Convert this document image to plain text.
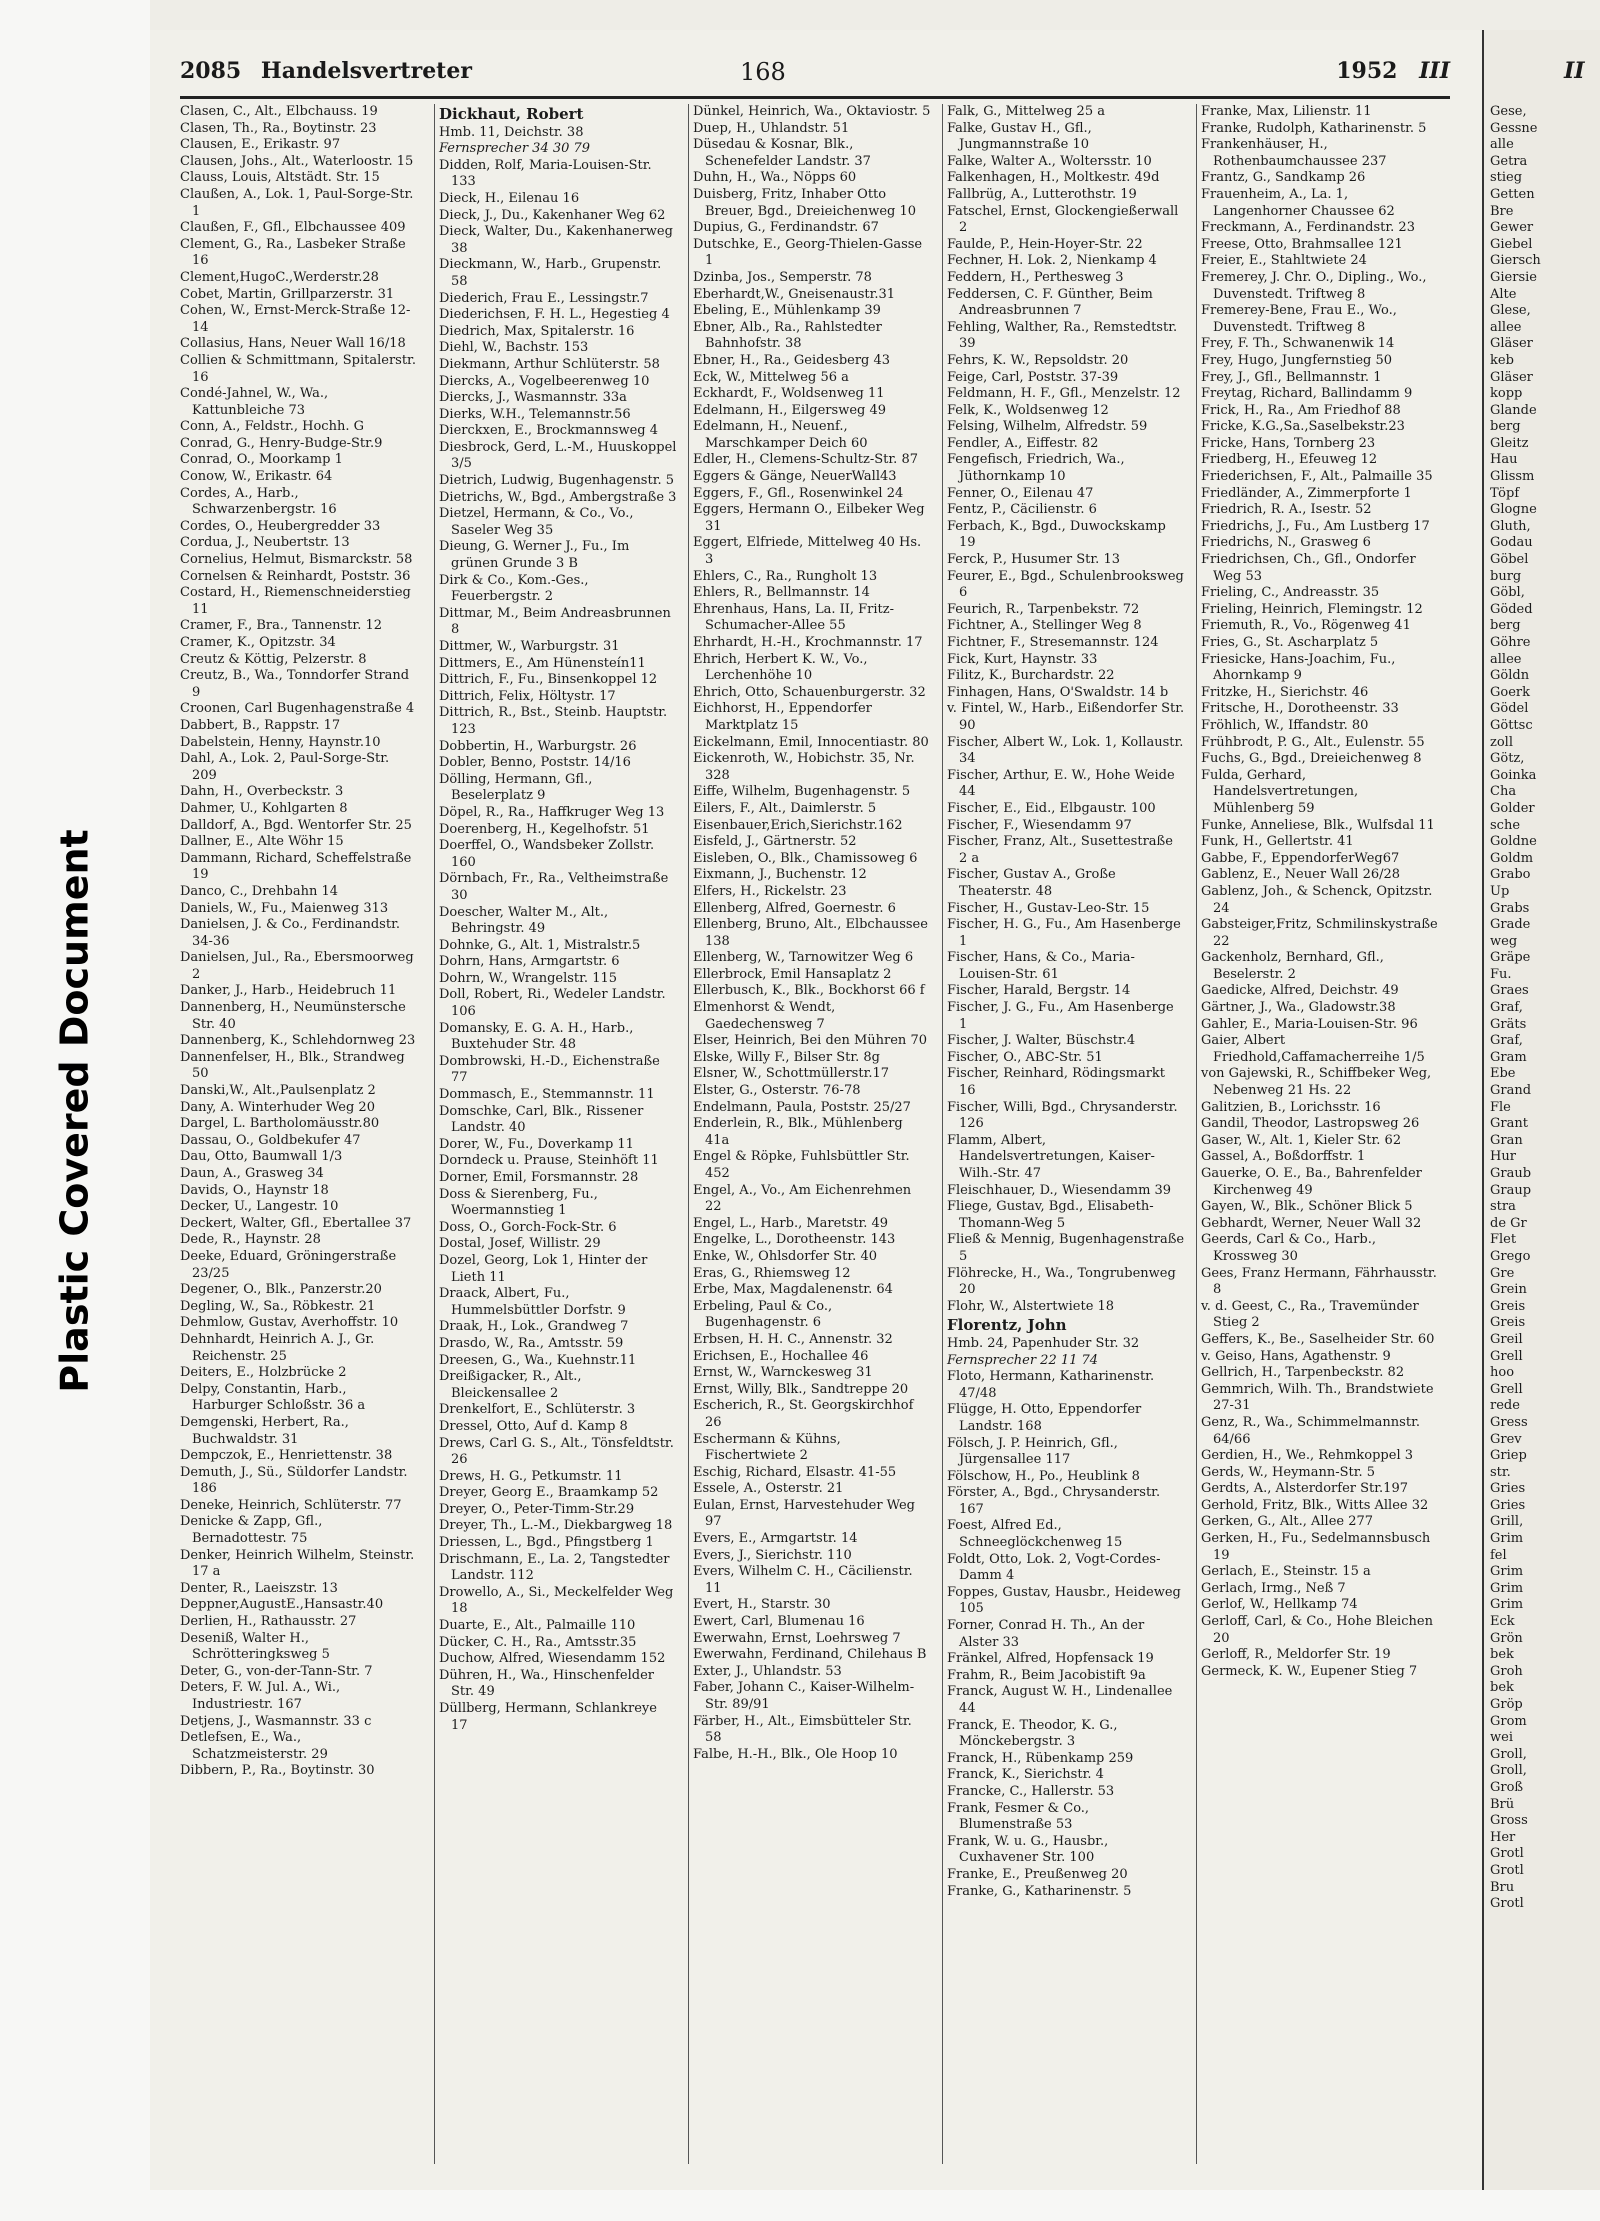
Plastic Covered Document
2085 Handelsvertreter	168	1952 III
Clasen, C., Alt., Elbchauss. 19
Clasen, Th., Ra., Boytinstr. 23
Clausen, E., Erikastr. 97
Clausen, Johs., Alt., Waterloostr. 15
Clauss, Louis, Altstädt. Str. 15
Claußen, A., Lok. 1, Paul-Sorge-Str. 1
Claußen, F., Gfl., Elbchaussee 409
Clement, G., Ra., Lasbeker Straße 16
Clement,HugoC.,Werderstr.28
Cobet, Martin, Grillparzerstr. 31
Cohen, W., Ernst-Merck-Straße 12-14
Collasius, Hans, Neuer Wall 16/18
Collien & Schmittmann, Spitalerstr. 16
Condé-Jahnel, W., Wa., Kattunbleiche 73
Conn, A., Feldstr., Hochh. G
Conrad, G., Henry-Budge-Str.9
Conrad, O., Moorkamp 1
Conow, W., Erikastr. 64
Cordes, A., Harb., Schwarzenbergstr. 16
Cordes, O., Heubergredder 33
Cordua, J., Neubertstr. 13
Cornelius, Helmut, Bismarckstr. 58
Cornelsen & Reinhardt, Poststr. 36
Costard, H., Riemenschneiderstieg 11
Cramer, F., Bra., Tannenstr. 12
Cramer, K., Opitzstr. 34
Creutz & Köttig, Pelzerstr. 8
Creutz, B., Wa., Tonndorfer Strand 9
Croonen, Carl Bugenhagenstraße 4
Dabbert, B., Rappstr. 17
Dabelstein, Henny, Haynstr.10
Dahl, A., Lok. 2, Paul-Sorge-Str. 209
Dahn, H., Overbeckstr. 3
Dahmer, U., Kohlgarten 8
Dalldorf, A., Bgd. Wentorfer Str. 25
Dallner, E., Alte Wöhr 15
Dammann, Richard, Scheffelstraße 19
Danco, C., Drehbahn 14
Daniels, W., Fu., Maienweg 313
Danielsen, J. & Co., Ferdinandstr. 34-36
Danielsen, Jul., Ra., Ebersmoorweg 2
Danker, J., Harb., Heidebruch 11
Dannenberg, H., Neumünstersche Str. 40
Dannenberg, K., Schlehdornweg 23
Dannenfelser, H., Blk., Strandweg 50
Danski,W., Alt.,Paulsenplatz 2
Dany, A. Winterhuder Weg 20
Dargel, L. Bartholomäusstr.80
Dassau, O., Goldbekufer 47
Dau, Otto, Baumwall 1/3
Daun, A., Grasweg 34
Davids, O., Haynstr 18
Decker, U., Langestr. 10
Deckert, Walter, Gfl., Ebertallee 37
Dede, R., Haynstr. 28
Deeke, Eduard, Gröningerstraße 23/25
Degener, O., Blk., Panzerstr.20
Degling, W., Sa., Röbkestr. 21
Dehmlow, Gustav, Averhoffstr. 10
Dehnhardt, Heinrich A. J., Gr. Reichenstr. 25
Deiters, E., Holzbrücke 2
Delpy, Constantin, Harb., Harburger Schloßstr. 36 a
Demgenski, Herbert, Ra., Buchwaldstr. 31
Dempczok, E., Henriettenstr. 38
Demuth, J., Sü., Süldorfer Landstr. 186
Deneke, Heinrich, Schlüterstr. 77
Denicke & Zapp, Gfl., Bernadottestr. 75
Denker, Heinrich Wilhelm, Steinstr. 17 a
Denter, R., Laeiszstr. 13
Deppner,AugustE.,Hansastr.40
Derlien, H., Rathausstr. 27
Deseniß, Walter H., Schrötteringksweg 5
Deter, G., von-der-Tann-Str. 7
Deters, F. W. Jul. A., Wi., Industriestr. 167
Detjens, J., Wasmannstr. 33 c
Detlefsen, E., Wa., Schatzmeisterstr. 29
Dibbern, P., Ra., Boytinstr. 30
Dickhaut, Robert
Hmb. 11, Deichstr. 38
Fernsprecher 34 30 79
Didden, Rolf, Maria-Louisen-Str. 133
Dieck, H., Eilenau 16
Dieck, J., Du., Kakenhaner Weg 62
Dieck, Walter, Du., Kakenhanerweg 38
Dieckmann, W., Harb., Grupenstr. 58
Diederich, Frau E., Lessingstr.7
Diederichsen, F. H. L., Hegestieg 4
Diedrich, Max, Spitalerstr. 16
Diehl, W., Bachstr. 153
Diekmann, Arthur Schlüterstr. 58
Diercks, A., Vogelbeerenweg 10
Diercks, J., Wasmannstr. 33a
Dierks, W.H., Telemannstr.56
Dierckxen, E., Brockmannsweg 4
Diesbrock, Gerd, L.-M., Huuskoppel 3/5
Dietrich, Ludwig, Bugenhagenstr. 5
Dietrichs, W., Bgd., Ambergstraße 3
Dietzel, Hermann, & Co., Vo., Saseler Weg 35
Dieung, G. Werner J., Fu., Im grünen Grunde 3 B
Dirk & Co., Kom.-Ges., Feuerbergstr. 2
Dittmar, M., Beim Andreasbrunnen 8
Dittmer, W., Warburgstr. 31
Dittmers, E., Am Hünensteín11
Dittrich, F., Fu., Binsenkoppel 12
Dittrich, Felix, Höltystr. 17
Dittrich, R., Bst., Steinb. Hauptstr. 123
Dobbertin, H., Warburgstr. 26
Dobler, Benno, Poststr. 14/16
Dölling, Hermann, Gfl., Beselerplatz 9
Döpel, R., Ra., Haffkruger Weg 13
Doerenberg, H., Kegelhofstr. 51
Doerffel, O., Wandsbeker Zollstr. 160
Dörnbach, Fr., Ra., Veltheimstraße 30
Doescher, Walter M., Alt., Behringstr. 49
Dohnke, G., Alt. 1, Mistralstr.5
Dohrn, Hans, Armgartstr. 6
Dohrn, W., Wrangelstr. 115
Doll, Robert, Ri., Wedeler Landstr. 106
Domansky, E. G. A. H., Harb., Buxtehuder Str. 48
Dombrowski, H.-D., Eichenstraße 77
Dommasch, E., Stemmannstr. 11
Domschke, Carl, Blk., Rissener Landstr. 40
Dorer, W., Fu., Doverkamp 11
Dorndeck u. Prause, Steinhöft 11
Dorner, Emil, Forsmannstr. 28
Doss & Sierenberg, Fu., Woermannstieg 1
Doss, O., Gorch-Fock-Str. 6
Dostal, Josef, Willistr. 29
Dozel, Georg, Lok 1, Hinter der Lieth 11
Draack, Albert, Fu., Hummelsbüttler Dorfstr. 9
Draak, H., Lok., Grandweg 7
Drasdo, W., Ra., Amtsstr. 59
Dreesen, G., Wa., Kuehnstr.11
Dreißigacker, R., Alt., Bleickensallee 2
Drenkelfort, E., Schlüterstr. 3
Dressel, Otto, Auf d. Kamp 8
Drews, Carl G. S., Alt., Tönsfeldtstr. 26
Drews, H. G., Petkumstr. 11
Dreyer, Georg E., Braamkamp 52
Dreyer, O., Peter-Timm-Str.29
Dreyer, Th., L.-M., Diekbargweg 18
Driessen, L., Bgd., Pfingstberg 1
Drischmann, E., La. 2, Tangstedter Landstr. 112
Drowello, A., Si., Meckelfelder Weg 18
Duarte, E., Alt., Palmaille 110
Dücker, C. H., Ra., Amtsstr.35
Duchow, Alfred, Wiesendamm 152
Dühren, H., Wa., Hinschenfelder Str. 49
Düllberg, Hermann, Schlankreye 17
Dünkel, Heinrich, Wa., Oktaviostr. 5
Duep, H., Uhlandstr. 51
Düsedau & Kosnar, Blk., Schenefelder Landstr. 37
Duhn, H., Wa., Nöpps 60
Duisberg, Fritz, Inhaber Otto Breuer, Bgd., Dreieichenweg 10
Dupius, G., Ferdinandstr. 67
Dutschke, E., Georg-Thielen-Gasse 1
Dzinba, Jos., Semperstr. 78
Eberhardt,W., Gneisenaustr.31
Ebeling, E., Mühlenkamp 39
Ebner, Alb., Ra., Rahlstedter Bahnhofstr. 38
Ebner, H., Ra., Geidesberg 43
Eck, W., Mittelweg 56 a
Eckhardt, F., Woldsenweg 11
Edelmann, H., Eilgersweg 49
Edelmann, H., Neuenf., Marschkamper Deich 60
Edler, H., Clemens-Schultz-Str. 87
Eggers & Gänge, NeuerWall43
Eggers, F., Gfl., Rosenwinkel 24
Eggers, Hermann O., Eilbeker Weg 31
Eggert, Elfriede, Mittelweg 40 Hs. 3
Ehlers, C., Ra., Rungholt 13
Ehlers, R., Bellmannstr. 14
Ehrenhaus, Hans, La. II, Fritz-Schumacher-Allee 55
Ehrhardt, H.-H., Krochmannstr. 17
Ehrich, Herbert K. W., Vo., Lerchenhöhe 10
Ehrich, Otto, Schauenburgerstr. 32
Eichhorst, H., Eppendorfer Marktplatz 15
Eickelmann, Emil, Innocentiastr. 80
Eickenroth, W., Hobichstr. 35, Nr. 328
Eiffe, Wilhelm, Bugenhagenstr. 5
Eilers, F., Alt., Daimlerstr. 5
Eisenbauer,Erich,Sierichstr.162
Eisfeld, J., Gärtnerstr. 52
Eisleben, O., Blk., Chamissoweg 6
Eixmann, J., Buchenstr. 12
Elfers, H., Rickelstr. 23
Ellenberg, Alfred, Goernestr. 6
Ellenberg, Bruno, Alt., Elbchaussee 138
Ellenberg, W., Tarnowitzer Weg 6
Ellerbrock, Emil Hansaplatz 2
Ellerbusch, K., Blk., Bockhorst 66 f
Elmenhorst & Wendt, Gaedechensweg 7
Elser, Heinrich, Bei den Mühren 70
Elske, Willy F., Bilser Str. 8g
Elsner, W., Schottmüllerstr.17
Elster, G., Osterstr. 76-78
Endelmann, Paula, Poststr. 25/27
Enderlein, R., Blk., Mühlenberg 41a
Engel & Röpke, Fuhlsbüttler Str. 452
Engel, A., Vo., Am Eichenrehmen 22
Engel, L., Harb., Maretstr. 49
Engelke, L., Dorotheenstr. 143
Enke, W., Ohlsdorfer Str. 40
Eras, G., Rhiemsweg 12
Erbe, Max, Magdalenenstr. 64
Erbeling, Paul & Co., Bugenhagenstr. 6
Erbsen, H. H. C., Annenstr. 32
Erichsen, E., Hochallee 46
Ernst, W., Warnckesweg 31
Ernst, Willy, Blk., Sandtreppe 20
Escherich, R., St. Georgskirchhof 26
Eschermann & Kühns, Fischertwiete 2
Eschig, Richard, Elsastr. 41-55
Essele, A., Osterstr. 21
Eulan, Ernst, Harvestehuder Weg 97
Evers, E., Armgartstr. 14
Evers, J., Sierichstr. 110
Evers, Wilhelm C. H., Cäcilienstr. 11
Evert, H., Starstr. 30
Ewert, Carl, Blumenau 16
Ewerwahn, Ernst, Loehrsweg 7
Ewerwahn, Ferdinand, Chilehaus B
Exter, J., Uhlandstr. 53
Faber, Johann C., Kaiser-Wilhelm-Str. 89/91
Färber, H., Alt., Eimsbütteler Str. 58
Falbe, H.-H., Blk., Ole Hoop 10
Falk, G., Mittelweg 25 a
Falke, Gustav H., Gfl., Jungmannstraße 10
Falke, Walter A., Woltersstr. 10
Falkenhagen, H., Moltkestr. 49d
Fallbrüg, A., Lutterothstr. 19
Fatschel, Ernst, Glockengießerwall 2
Faulde, P., Hein-Hoyer-Str. 22
Fechner, H. Lok. 2, Nienkamp 4
Feddern, H., Perthesweg 3
Feddersen, C. F. Günther, Beim Andreasbrunnen 7
Fehling, Walther, Ra., Remstedtstr. 39
Fehrs, K. W., Repsoldstr. 20
Feige, Carl, Poststr. 37-39
Feldmann, H. F., Gfl., Menzelstr. 12
Felk, K., Woldsenweg 12
Felsing, Wilhelm, Alfredstr. 59
Fendler, A., Eiffestr. 82
Fengefisch, Friedrich, Wa., Jüthornkamp 10
Fenner, O., Eilenau 47
Fentz, P., Cäcilienstr. 6
Ferbach, K., Bgd., Duwockskamp 19
Ferck, P., Husumer Str. 13
Feurer, E., Bgd., Schulenbrooksweg 6
Feurich, R., Tarpenbekstr. 72
Fichtner, A., Stellinger Weg 8
Fichtner, F., Stresemannstr. 124
Fick, Kurt, Haynstr. 33
Filitz, K., Burchardstr. 22
Finhagen, Hans, O'Swaldstr. 14 b
v. Fintel, W., Harb., Eißendorfer Str. 90
Fischer, Albert W., Lok. 1, Kollaustr. 34
Fischer, Arthur, E. W., Hohe Weide 44
Fischer, E., Eid., Elbgaustr. 100
Fischer, F., Wiesendamm 97
Fischer, Franz, Alt., Susettestraße 2 a
Fischer, Gustav A., Große Theaterstr. 48
Fischer, H., Gustav-Leo-Str. 15
Fischer, H. G., Fu., Am Hasenberge 1
Fischer, Hans, & Co., Maria-Louisen-Str. 61
Fischer, Harald, Bergstr. 14
Fischer, J. G., Fu., Am Hasenberge 1
Fischer, J. Walter, Büschstr.4
Fischer, O., ABC-Str. 51
Fischer, Reinhard, Rödingsmarkt 16
Fischer, Willi, Bgd., Chrysanderstr. 126
Flamm, Albert, Handelsvertretungen, Kaiser-Wilh.-Str. 47
Fleischhauer, D., Wiesendamm 39
Fliege, Gustav, Bgd., Elisabeth-Thomann-Weg 5
Fließ & Mennig, Bugenhagenstraße 5
Flöhrecke, H., Wa., Tongrubenweg 20
Flohr, W., Alstertwiete 18
Florentz, John
Hmb. 24, Papenhuder Str. 32
Fernsprecher 22 11 74
Floto, Hermann, Katharinenstr. 47/48
Flügge, H. Otto, Eppendorfer Landstr. 168
Fölsch, J. P. Heinrich, Gfl., Jürgensallee 117
Fölschow, H., Po., Heublink 8
Förster, A., Bgd., Chrysanderstr. 167
Foest, Alfred Ed., Schneeglöckchenweg 15
Foldt, Otto, Lok. 2, Vogt-Cordes-Damm 4
Foppes, Gustav, Hausbr., Heideweg 105
Forner, Conrad H. Th., An der Alster 33
Fränkel, Alfred, Hopfensack 19
Frahm, R., Beim Jacobistift 9a
Franck, August W. H., Lindenallee 44
Franck, E. Theodor, K. G., Mönckebergstr. 3
Franck, H., Rübenkamp 259
Franck, K., Sierichstr. 4
Francke, C., Hallerstr. 53
Frank, Fesmer & Co., Blumenstraße 53
Frank, W. u. G., Hausbr., Cuxhavener Str. 100
Franke, E., Preußenweg 20
Franke, G., Katharinenstr. 5
Franke, Max, Lilienstr. 11
Franke, Rudolph, Katharinenstr. 5
Frankenhäuser, H., Rothenbaumchaussee 237
Frantz, G., Sandkamp 26
Frauenheim, A., La. 1, Langenhorner Chaussee 62
Freckmann, A., Ferdinandstr. 23
Freese, Otto, Brahmsallee 121
Freier, E., Stahltwiete 24
Fremerey, J. Chr. O., Dipling., Wo., Duvenstedt. Triftweg 8
Fremerey-Bene, Frau E., Wo., Duvenstedt. Triftweg 8
Frey, F. Th., Schwanenwik 14
Frey, Hugo, Jungfernstieg 50
Frey, J., Gfl., Bellmannstr. 1
Freytag, Richard, Ballindamm 9
Frick, H., Ra., Am Friedhof 88
Fricke, K.G.,Sa.,Saselbekstr.23
Fricke, Hans, Tornberg 23
Friedberg, H., Efeuweg 12
Friederichsen, F., Alt., Palmaille 35
Friedländer, A., Zimmerpforte 1
Friedrich, R. A., Isestr. 52
Friedrichs, J., Fu., Am Lustberg 17
Friedrichs, N., Grasweg 6
Friedrichsen, Ch., Gfl., Ondorfer Weg 53
Frieling, C., Andreasstr. 35
Frieling, Heinrich, Flemingstr. 12
Friemuth, R., Vo., Rögenweg 41
Fries, G., St. Ascharplatz 5
Friesicke, Hans-Joachim, Fu., Ahornkamp 9
Fritzke, H., Sierichstr. 46
Fritsche, H., Dorotheenstr. 33
Fröhlich, W., Iffandstr. 80
Frühbrodt, P. G., Alt., Eulenstr. 55
Fuchs, G., Bgd., Dreieichenweg 8
Fulda, Gerhard, Handelsvertretungen, Mühlenberg 59
Funke, Anneliese, Blk., Wulfsdal 11
Funk, H., Gellertstr. 41
Gabbe, F., EppendorferWeg67
Gablenz, E., Neuer Wall 26/28
Gablenz, Joh., & Schenck, Opitzstr. 24
Gabsteiger,Fritz, Schmilinskystraße 22
Gackenholz, Bernhard, Gfl., Beselerstr. 2
Gaedicke, Alfred, Deichstr. 49
Gärtner, J., Wa., Gladowstr.38
Gahler, E., Maria-Louisen-Str. 96
Gaier, Albert Friedhold,Caffamacherreihe 1/5
von Gajewski, R., Schiffbeker Weg, Nebenweg 21 Hs. 22
Galitzien, B., Lorichsstr. 16
Gandil, Theodor, Lastropsweg 26
Gaser, W., Alt. 1, Kieler Str. 62
Gassel, A., Boßdorffstr. 1
Gauerke, O. E., Ba., Bahrenfelder Kirchenweg 49
Gayen, W., Blk., Schöner Blick 5
Gebhardt, Werner, Neuer Wall 32
Geerds, Carl & Co., Harb., Krossweg 30
Gees, Franz Hermann, Fährhausstr. 8
v. d. Geest, C., Ra., Travemünder Stieg 2
Geffers, K., Be., Saselheider Str. 60
v. Geiso, Hans, Agathenstr. 9
Gellrich, H., Tarpenbeckstr. 82
Gemmrich, Wilh. Th., Brandstwiete 27-31
Genz, R., Wa., Schimmelmannstr. 64/66
Gerdien, H., We., Rehmkoppel 3
Gerds, W., Heymann-Str. 5
Gerdts, A., Alsterdorfer Str.197
Gerhold, Fritz, Blk., Witts Allee 32
Gerken, G., Alt., Allee 277
Gerken, H., Fu., Sedelmannsbusch 19
Gerlach, E., Steinstr. 15 a
Gerlach, Irmg., Neß 7
Gerlof, W., Hellkamp 74
Gerloff, Carl, & Co., Hohe Bleichen 20
Gerloff, R., Meldorfer Str. 19
Germeck, K. W., Eupener Stieg 7
II
Gese,
Gessne
alle
Getra
stieg
Getten
Bre
Gewer
Giebel
Giersch
Giersie
Alte
Glese,
allee
Gläser
keb
Gläser
kopp
Glande
berg
Gleitz
Hau
Glissm
Töpf
Glogne
Gluth,
Godau
Göbel
burg
Göbl,
Göded
berg
Göhre
allee
Göldn
Goerk
Gödel
Göttsc
zoll
Götz,
Goinka
Cha
Golder
sche
Goldne
Goldm
Grabo
Up
Grabs
Grade
weg
Gräpe
Fu.
Graes
Graf,
Gräts
Graf,
Gram
Ebe
Grand
Fle
Grant
Gran
Hur
Graub
Graup
stra
de Gr
Flet
Grego
Gre
Grein
Greis
Greis
Greil
Grell
hoo
Grell
rede
Gress
Grev
Griep
str.
Gries
Gries
Grill,
Grim
fel
Grim
Grim
Grim
Eck
Grön
bek
Groh
bek
Gröp
Grom
wei
Groll,
Groll,
Groß
Brü
Gross
Her
Grotl
Grotl
Bru
Grotl
